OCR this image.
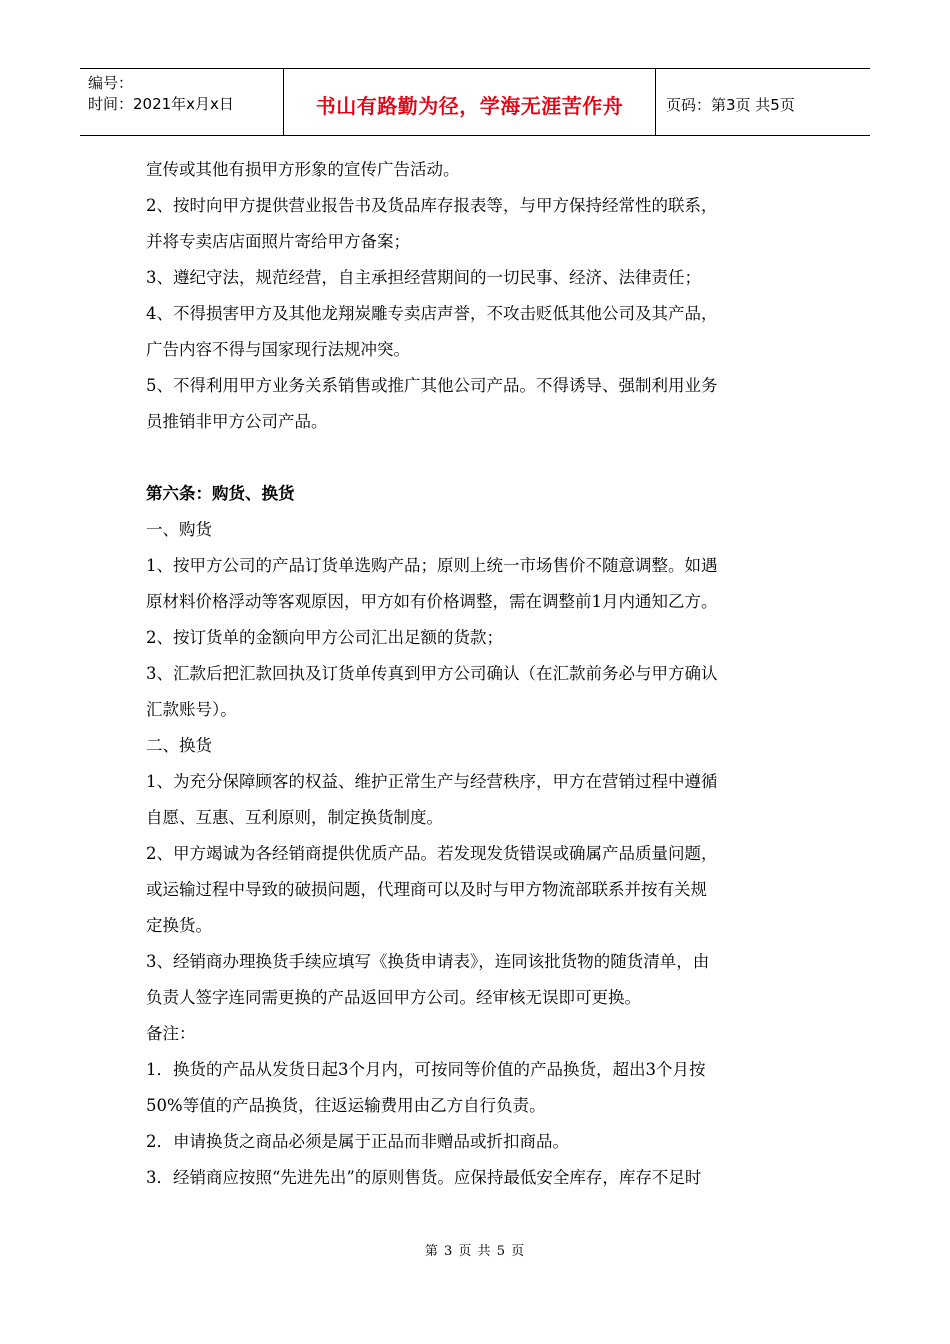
编号：
时间：2021年x月x日	书山有路勤为径，学海无涯苦作舟	页码：第3页 共5页

宣传或其他有损甲方形象的宣传广告活动。

2、按时向甲方提供营业报告书及货品库存报表等，与甲方保持经常性的联系，

并将专卖店店面照片寄给甲方备案；

3、遵纪守法，规范经营，自主承担经营期间的一切民事、经济、法律责任；

4、不得损害甲方及其他龙翔炭雕专卖店声誉，不攻击贬低其他公司及其产品，

广告内容不得与国家现行法规冲突。

5、不得利用甲方业务关系销售或推广其他公司产品。不得诱导、强制利用业务

员推销非甲方公司产品。

第六条：购货、换货

一、购货

1、按甲方公司的产品订货单选购产品；原则上统一市场售价不随意调整。如遇

原材料价格浮动等客观原因，甲方如有价格调整，需在调整前1月内通知乙方。

2、按订货单的金额向甲方公司汇出足额的货款；

3、汇款后把汇款回执及订货单传真到甲方公司确认（在汇款前务必与甲方确认

汇款账号）。

二、换货

1、为充分保障顾客的权益、维护正常生产与经营秩序，甲方在营销过程中遵循

自愿、互惠、互利原则，制定换货制度。

2、甲方竭诚为各经销商提供优质产品。若发现发货错误或确属产品质量问题，

或运输过程中导致的破损问题，代理商可以及时与甲方物流部联系并按有关规

定换货。

3、经销商办理换货手续应填写《换货申请表》，连同该批货物的随货清单，由

负责人签字连同需更换的产品返回甲方公司。经审核无误即可更换。

备注：

1．换货的产品从发货日起3个月内，可按同等价值的产品换货，超出3个月按

50%等值的产品换货，往返运输费用由乙方自行负责。

2．申请换货之商品必须是属于正品而非赠品或折扣商品。

3．经销商应按照“先进先出”的原则售货。应保持最低安全库存，库存不足时

第 3 页 共 5 页
